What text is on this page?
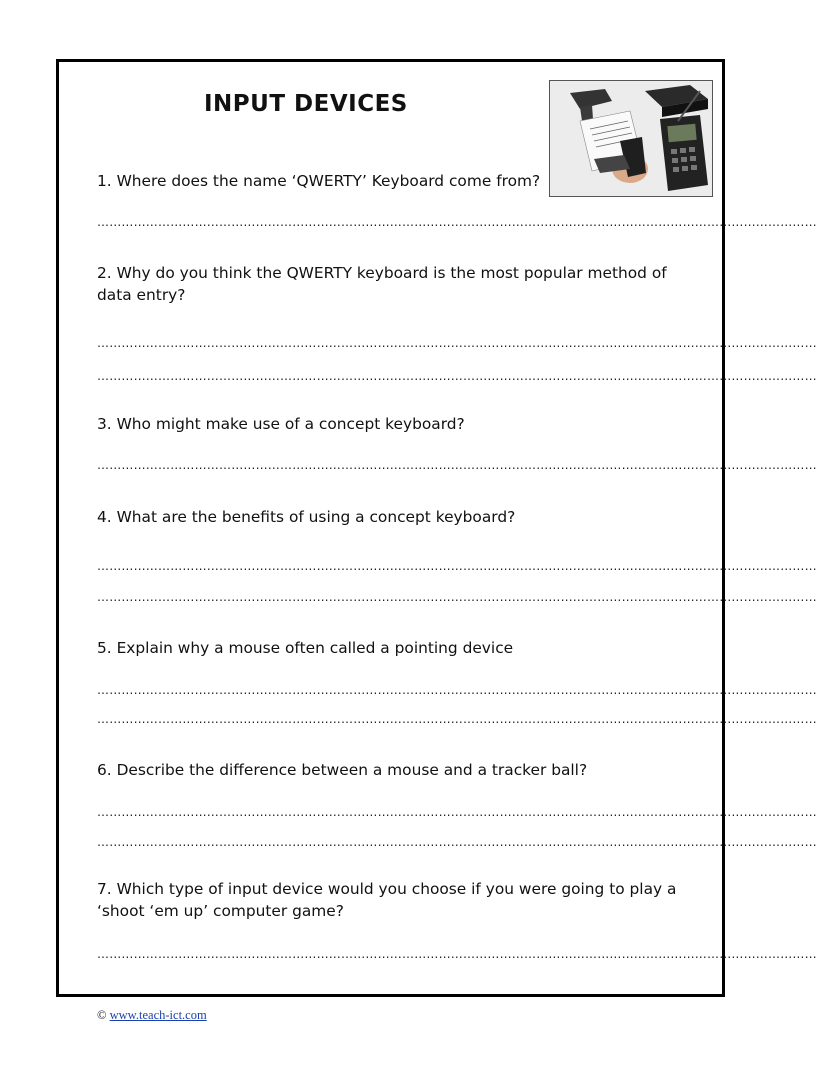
INPUT DEVICES
1. Where does the name ‘QWERTY’ Keyboard come from?
……………………………………………………………………………………………………………………………………………………………
2. Why do you think the QWERTY keyboard is the most popular method of
data entry?
……………………………………………………………………………………………………………………………………………………………
……………………………………………………………………………………………………………………………………………………………
3. Who might make use of a concept keyboard?
……………………………………………………………………………………………………………………………………………………………
4. What are the benefits of using a concept keyboard?
……………………………………………………………………………………………………………………………………………………………
……………………………………………………………………………………………………………………………………………………………
5. Explain why a mouse often called a pointing device
……………………………………………………………………………………………………………………………………………………………
……………………………………………………………………………………………………………………………………………………………
6. Describe the difference between a mouse and a tracker ball?
……………………………………………………………………………………………………………………………………………………………
……………………………………………………………………………………………………………………………………………………………
7. Which type of input device would you choose if you were going to play a
‘shoot ‘em up’ computer game?
……………………………………………………………………………………………………………………………………………………………
© www.teach-ict.com
